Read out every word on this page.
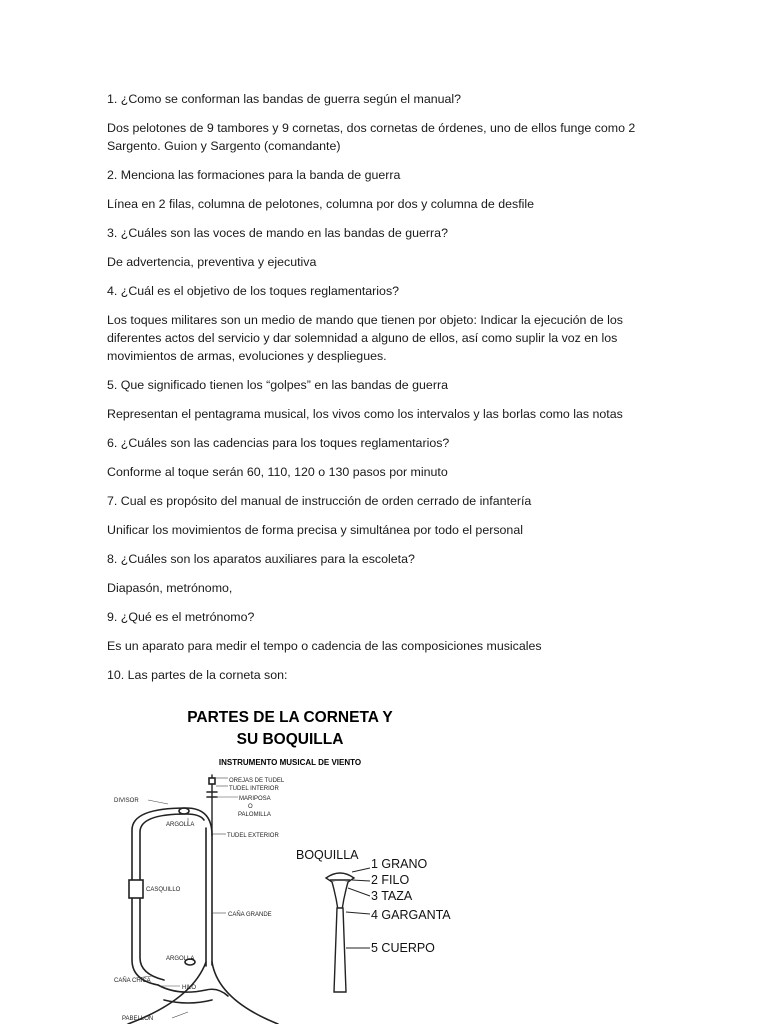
1. ¿Como se conforman las bandas de guerra según el manual?

Dos pelotones de 9 tambores y 9 cornetas, dos cornetas de órdenes, uno de ellos funge como 2 Sargento. Guion y Sargento (comandante)

2. Menciona las formaciones para la banda de guerra

Línea en 2 filas, columna de pelotones, columna por dos y columna de desfile

3. ¿Cuáles son las voces de mando en las bandas de guerra?

De advertencia, preventiva y ejecutiva

4. ¿Cuál es el objetivo de los toques reglamentarios?

Los toques militares son un medio de mando que tienen por objeto: Indicar la ejecución de los diferentes actos del servicio y dar solemnidad a alguno de ellos, así como suplir la voz en los movimientos de armas, evoluciones y despliegues.

5. Que significado tienen los “golpes” en las bandas de guerra

Representan el pentagrama musical, los vivos como los intervalos y las borlas como las notas

6. ¿Cuáles son las cadencias para los toques reglamentarios?

Conforme al toque serán 60, 110, 120 o 130 pasos por minuto

7. Cual es propósito del manual de instrucción de orden cerrado de infantería

Unificar los movimientos de forma precisa y simultánea por todo el personal

8. ¿Cuáles son los aparatos auxiliares para la escoleta?

Diapasón, metrónomo,

9. ¿Qué es el metrónomo?

Es un aparato para medir el tempo o cadencia de las composiciones musicales

10. Las partes de la corneta son:

PARTES DE LA CORNETA Y
SU BOQUILLA
INSTRUMENTO MUSICAL DE VIENTO
OREJAS DE TUDEL
TUDEL INTERIOR
MARIPOSA
O
PALOMILLA
DIVISOR
ARGOLLA
TUDEL EXTERIOR
CASQUILLO
CAÑA GRANDE
ARGOLLA
CAÑA CHICA
HILO
PABELLON
BOQUILLA
1 GRANO
2 FILO
3 TAZA
4 GARGANTA
5 CUERPO
